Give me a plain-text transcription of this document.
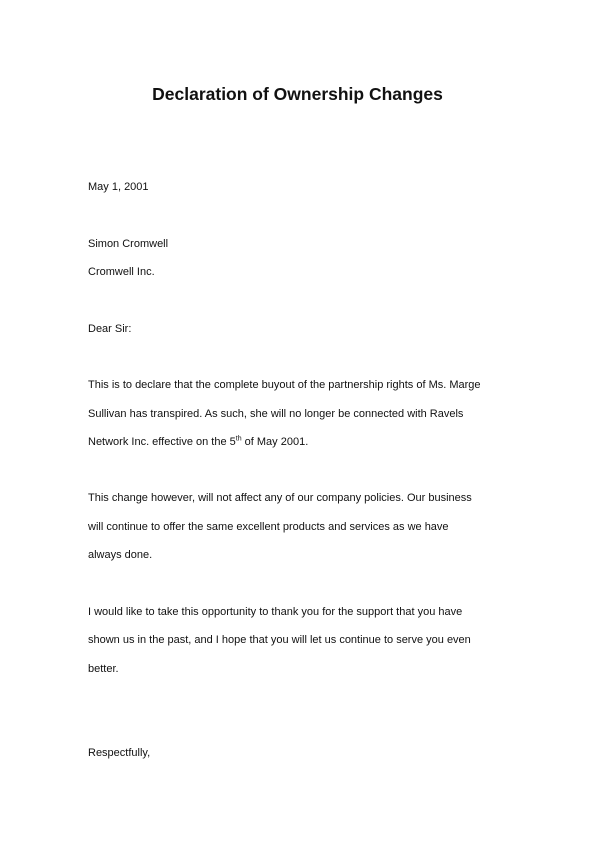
Declaration of Ownership Changes
May 1, 2001
Simon Cromwell
Cromwell Inc.
Dear Sir:
This is to declare that the complete buyout of the partnership rights of Ms. Marge
Sullivan has transpired. As such, she will no longer be connected with Ravels
Network Inc. effective on the 5th of May 2001.
This change however, will not affect any of our company policies. Our business
will continue to offer the same excellent products and services as we have
always done.
I would like to take this opportunity to thank you for the support that you have
shown us in the past, and I hope that you will let us continue to serve you even
better.
Respectfully,
